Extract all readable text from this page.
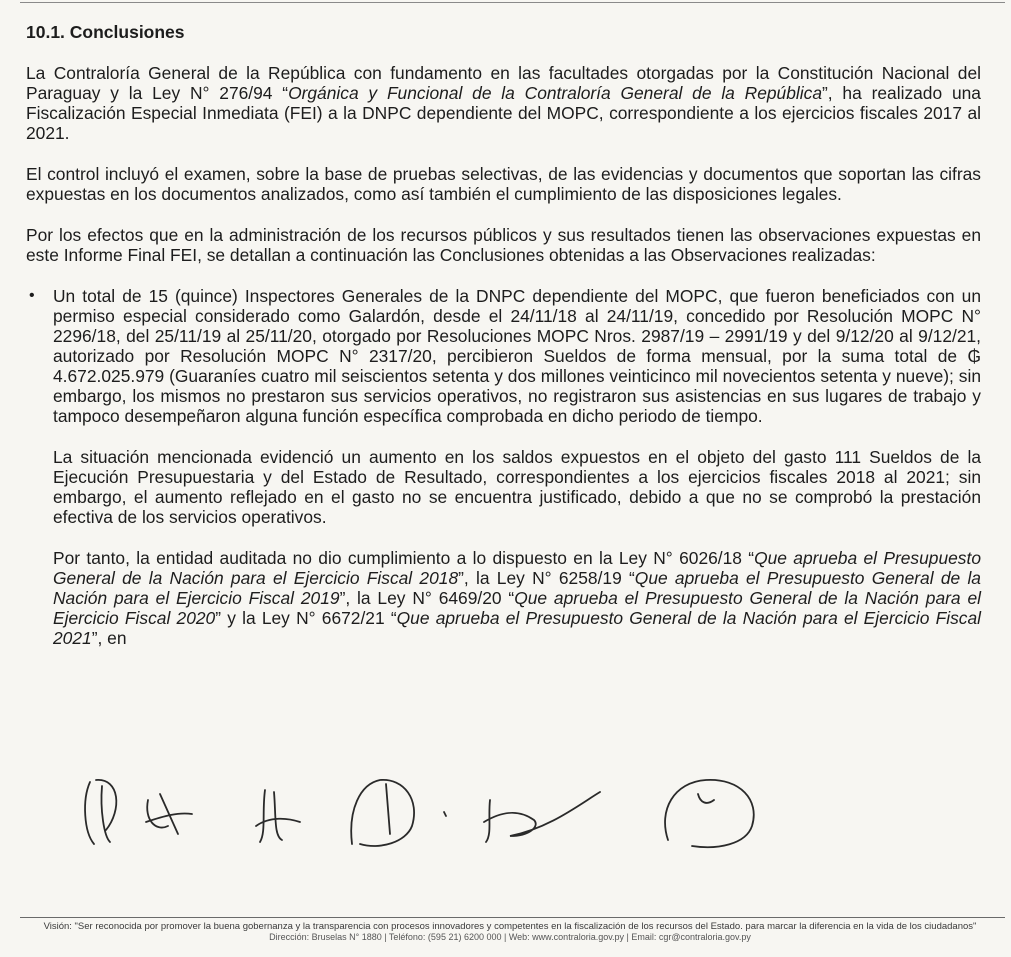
10.1. Conclusiones

La Contraloría General de la República con fundamento en las facultades otorgadas por la Constitución Nacional del Paraguay y la Ley N° 276/94 “Orgánica y Funcional de la Contraloría General de la República”, ha realizado una Fiscalización Especial Inmediata (FEI) a la DNPC dependiente del MOPC, correspondiente a los ejercicios fiscales 2017 al 2021.

El control incluyó el examen, sobre la base de pruebas selectivas, de las evidencias y documentos que soportan las cifras expuestas en los documentos analizados, como así también el cumplimiento de las disposiciones legales.

Por los efectos que en la administración de los recursos públicos y sus resultados tienen las observaciones expuestas en este Informe Final FEI, se detallan a continuación las Conclusiones obtenidas a las Observaciones realizadas:

• Un total de 15 (quince) Inspectores Generales de la DNPC dependiente del MOPC, que fueron beneficiados con un permiso especial considerado como Galardón, desde el 24/11/18 al 24/11/19, concedido por Resolución MOPC N° 2296/18, del 25/11/19 al 25/11/20, otorgado por Resoluciones MOPC Nros. 2987/19 – 2991/19 y del 9/12/20 al 9/12/21, autorizado por Resolución MOPC N° 2317/20, percibieron Sueldos de forma mensual, por la suma total de ₲ 4.672.025.979 (Guaraníes cuatro mil seiscientos setenta y dos millones veinticinco mil novecientos setenta y nueve); sin embargo, los mismos no prestaron sus servicios operativos, no registraron sus asistencias en sus lugares de trabajo y tampoco desempeñaron alguna función específica comprobada en dicho periodo de tiempo.

La situación mencionada evidenció un aumento en los saldos expuestos en el objeto del gasto 111 Sueldos de la Ejecución Presupuestaria y del Estado de Resultado, correspondientes a los ejercicios fiscales 2018 al 2021; sin embargo, el aumento reflejado en el gasto no se encuentra justificado, debido a que no se comprobó la prestación efectiva de los servicios operativos.

Por tanto, la entidad auditada no dio cumplimiento a lo dispuesto en la Ley N° 6026/18 “Que aprueba el Presupuesto General de la Nación para el Ejercicio Fiscal 2018”, la Ley N° 6258/19 “Que aprueba el Presupuesto General de la Nación para el Ejercicio Fiscal 2019”, la Ley N° 6469/20 “Que aprueba el Presupuesto General de la Nación para el Ejercicio Fiscal 2020” y la Ley N° 6672/21 “Que aprueba el Presupuesto General de la Nación para el Ejercicio Fiscal 2021”, en

Visión: "Ser reconocida por promover la buena gobernanza y la transparencia con procesos innovadores y competentes en la fiscalización de los recursos del Estado. para marcar la diferencia en la vida de los ciudadanos"
Dirección: Bruselas N° 1880 | Teléfono: (595 21) 6200 000 | Web: www.contraloria.gov.py | Email: cgr@contraloria.gov.py
